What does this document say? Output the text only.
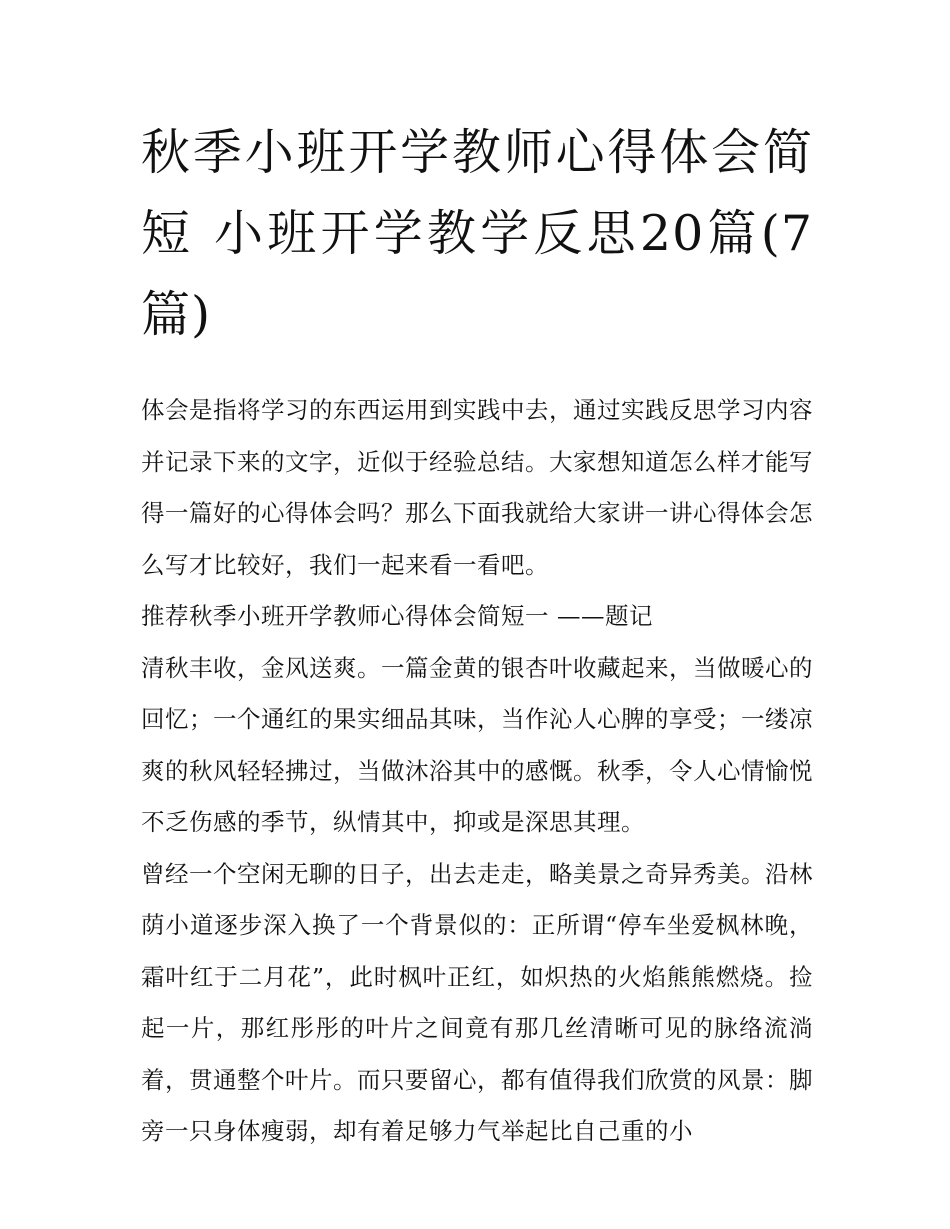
秋季小班开学教师心得体会简短 小班开学教学反思20篇(7篇)

体会是指将学习的东西运用到实践中去，通过实践反思学习内容并记录下来的文字，近似于经验总结。大家想知道怎么样才能写得一篇好的心得体会吗？那么下面我就给大家讲一讲心得体会怎么写才比较好，我们一起来看一看吧。

推荐秋季小班开学教师心得体会简短一 ——题记

清秋丰收，金风送爽。一篇金黄的银杏叶收藏起来，当做暖心的回忆；一个通红的果实细品其味，当作沁人心脾的享受；一缕凉爽的秋风轻轻拂过，当做沐浴其中的感慨。秋季，令人心情愉悦不乏伤感的季节，纵情其中，抑或是深思其理。

曾经一个空闲无聊的日子，出去走走，略美景之奇异秀美。沿林荫小道逐步深入换了一个背景似的：正所谓“停车坐爱枫林晚，霜叶红于二月花”，此时枫叶正红，如炽热的火焰熊熊燃烧。捡起一片，那红彤彤的叶片之间竟有那几丝清晰可见的脉络流淌着，贯通整个叶片。而只要留心，都有值得我们欣赏的风景：脚旁一只身体瘦弱，却有着足够力气举起比自己重的小
